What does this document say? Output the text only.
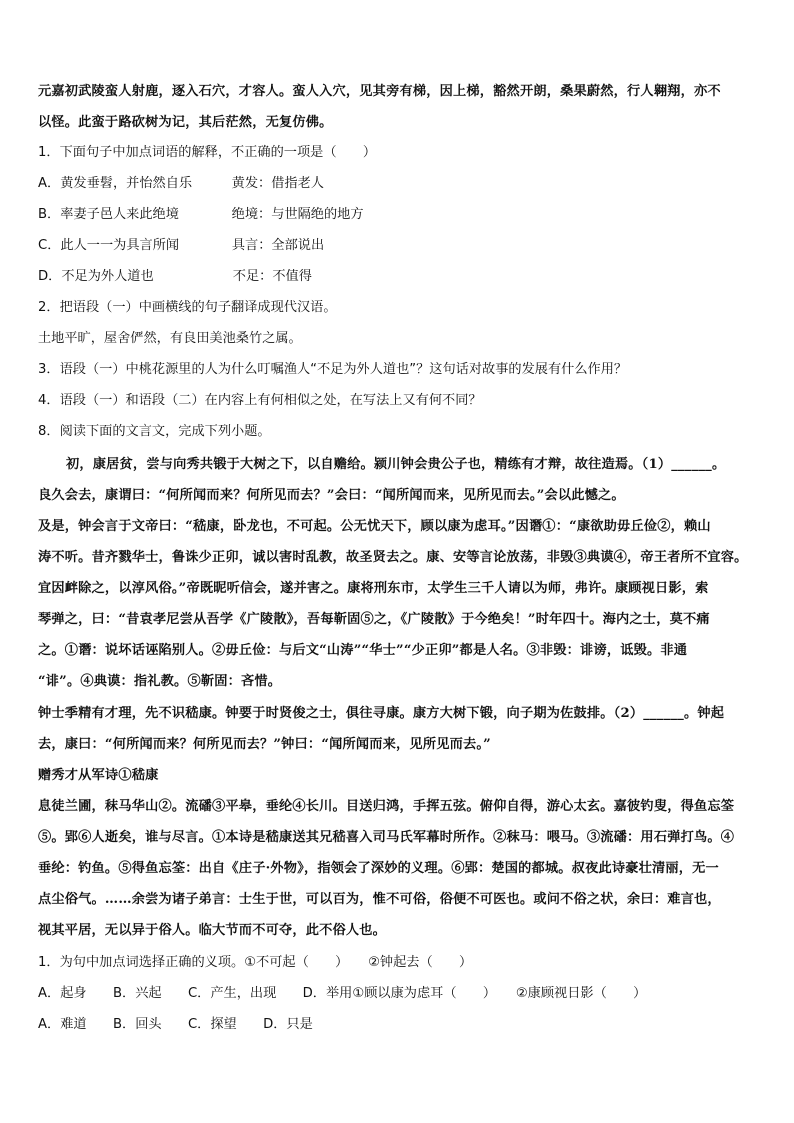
元嘉初武陵蛮人射鹿，逐入石穴，才容人。蛮人入穴，见其旁有梯，因上梯，豁然开朗，桑果蔚然，行人翱翔，亦不
以怪。此蛮于路砍树为记，其后茫然，无复仿佛。
1．下面句子中加点词语的解释，不正确的一项是（　　）
A．黄发垂髫，并怡然自乐　　　黄发：借指老人
B．率妻子邑人来此绝境　　　　绝境：与世隔绝的地方
C．此人一一为具言所闻　　　　具言：全部说出
D．不足为外人道也　　　　　　不足：不值得
2．把语段（一）中画横线的句子翻译成现代汉语。
土地平旷，屋舍俨然，有良田美池桑竹之属。
3．语段（一）中桃花源里的人为什么叮嘱渔人“不足为外人道也”？这句话对故事的发展有什么作用？
4．语段（一）和语段（二）在内容上有何相似之处，在写法上又有何不同？
8．阅读下面的文言文，完成下列小题。
初，康居贫，尝与向秀共锻于大树之下，以自赡给。颍川钟会贵公子也，精练有才辩，故往造焉。（1）______。
良久会去，康谓曰：“何所闻而来？何所见而去？”会曰：“闻所闻而来，见所见而去。”会以此憾之。
及是，钟会言于文帝曰：“嵇康，卧龙也，不可起。公无忧天下，顾以康为虑耳。”因谮①：“康欲助毋丘俭②，赖山
涛不听。昔齐戮华士，鲁诛少正卯，诚以害时乱教，故圣贤去之。康、安等言论放荡，非毁③典谟④，帝王者所不宜容。
宜因衅除之，以淳风俗。”帝既昵听信会，遂并害之。康将刑东市，太学生三千人请以为师，弗许。康顾视日影，索
琴弹之，曰：“昔袁孝尼尝从吾学《广陵散》，吾每靳固⑤之，《广陵散》于今绝矣！”时年四十。海内之士，莫不痛
之。①谮：说坏话诬陷别人。②毋丘俭：与后文“山涛”“华士”“少正卯”都是人名。③非毁：诽谤，诋毁。非通
“诽”。④典谟：指礼教。⑤靳固：吝惜。
钟士季精有才理，先不识嵇康。钟要于时贤俊之士，俱往寻康。康方大树下锻，向子期为佐鼓排。（2）______。钟起
去，康曰：“何所闻而来？何所见而去？”钟曰：“闻所闻而来，见所见而去。”
赠秀才从军诗①嵇康
息徒兰圃，秣马华山②。流磻③平皋，垂纶④长川。目送归鸿，手挥五弦。俯仰自得，游心太玄。嘉彼钓叟，得鱼忘筌
⑤。郢⑥人逝矣，谁与尽言。①本诗是嵇康送其兄嵇喜入司马氏军幕时所作。②秣马：喂马。③流磻：用石弹打鸟。④
垂纶：钓鱼。⑤得鱼忘筌：出自《庄子·外物》，指领会了深妙的义理。⑥郢：楚国的都城。叔夜此诗豪壮清丽，无一
点尘俗气。……余尝为诸子弟言：士生于世，可以百为，惟不可俗，俗便不可医也。或问不俗之状，余曰：难言也，
视其平居，无以异于俗人。临大节而不可夺，此不俗人也。
1．为句中加点词选择正确的义项。①不可起（　　）　　②钟起去（　　）
A．起身　　B．兴起　　C．产生，出现　　D．举用①顾以康为虑耳（　　）　　②康顾视日影（　　）
A．难道　　B．回头　　C．探望　　D．只是
